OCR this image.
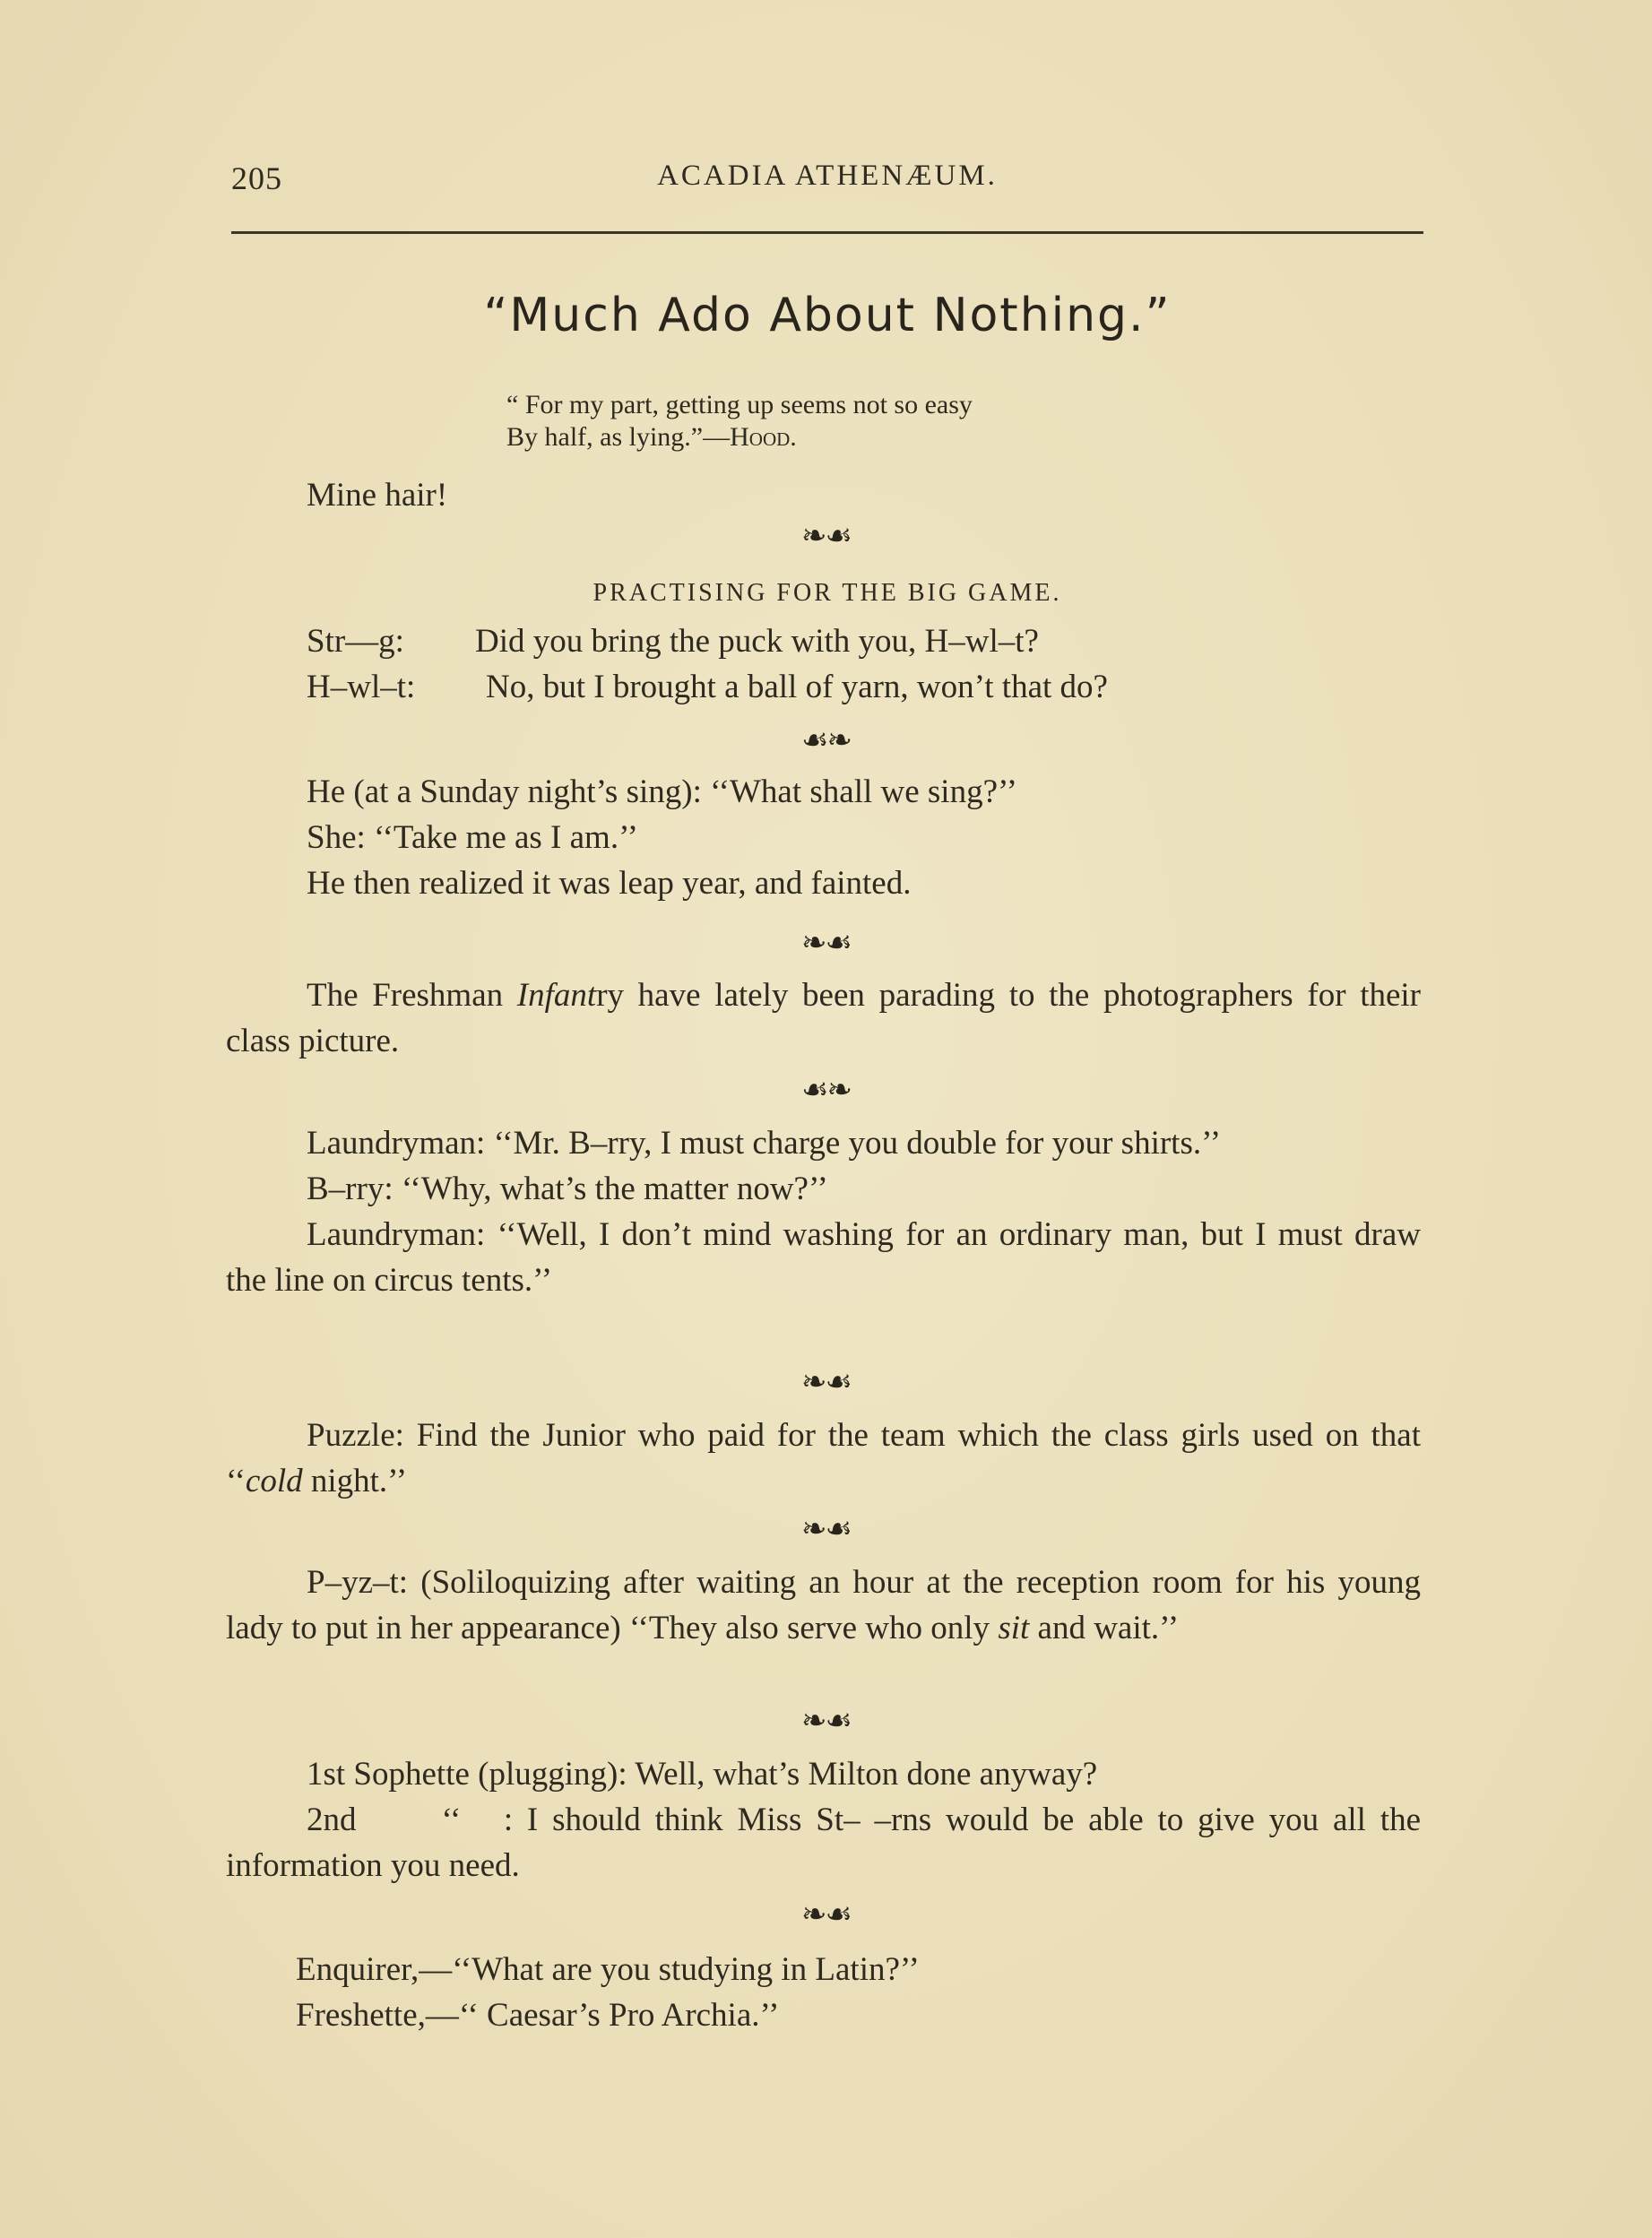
205	ACADIA ATHENÆUM.
“Much Ado About Nothing.”
“ For my part, getting up seems not so easy
By half, as lying.”—Hood.
Mine hair!
❧☙
PRACTISING FOR THE BIG GAME.
Str—g: Did you bring the puck with you, H–wl–t?
H–wl–t: No, but I brought a ball of yarn, won’t that do?
☙❧
He (at a Sunday night’s sing): ‘‘What shall we sing?’’
She: ‘‘Take me as I am.’’
He then realized it was leap year, and fainted.
❧☙

The Freshman Infantry have lately been parading to the photographers for their class picture.

☙❧

Laundryman: ‘‘Mr. B–rry, I must charge you double for your shirts.’’

B–rry: ‘‘Why, what’s the matter now?’’

Laundryman: ‘‘Well, I don’t mind washing for an ordinary man, but I must draw the line on circus tents.’’

❧☙

Puzzle: Find the Junior who paid for the team which the class girls used on that ‘‘cold night.’’

❧☙

P–yz–t: (Soliloquizing after waiting an hour at the reception room for his young lady to put in her appearance) ‘‘They also serve who only sit and wait.’’

❧☙

1st Sophette (plugging): Well, what’s Milton done anyway?

2nd      ‘‘   : I should think Miss St– –rns would be able to give you all the information you need.

❧☙
Enquirer,—‘‘What are you studying in Latin?’’
Freshette,—‘‘ Caesar’s Pro Archia.’’
